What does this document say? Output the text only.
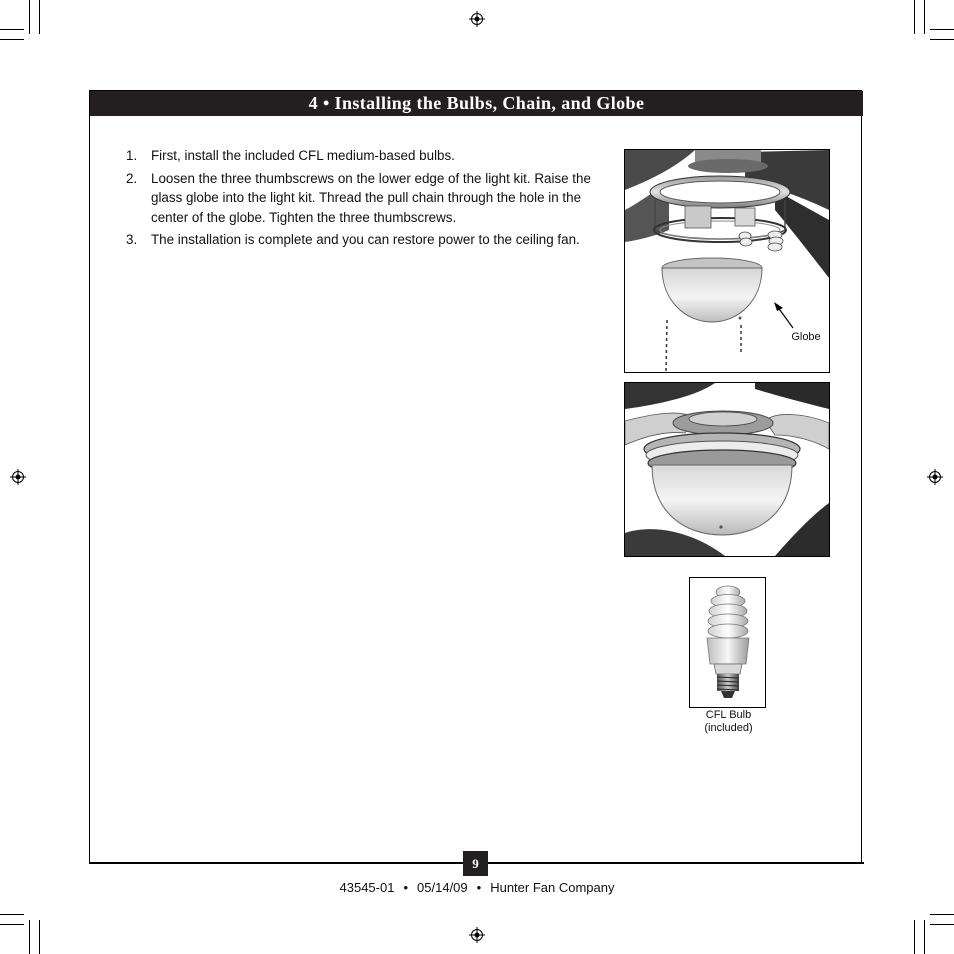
4 • Installing the Bulbs, Chain, and Globe
1. First, install the included CFL medium-based bulbs.
2. Loosen the three thumbscrews on the lower edge of the light kit. Raise the glass globe into the light kit. Thread the pull chain through the hole in the center of the globe. Tighten the three thumbscrews.
3. The installation is complete and you can restore power to the ceiling fan.
Globe
CFL Bulb
(included)
9
43545-01 • 05/14/09 • Hunter Fan Company
